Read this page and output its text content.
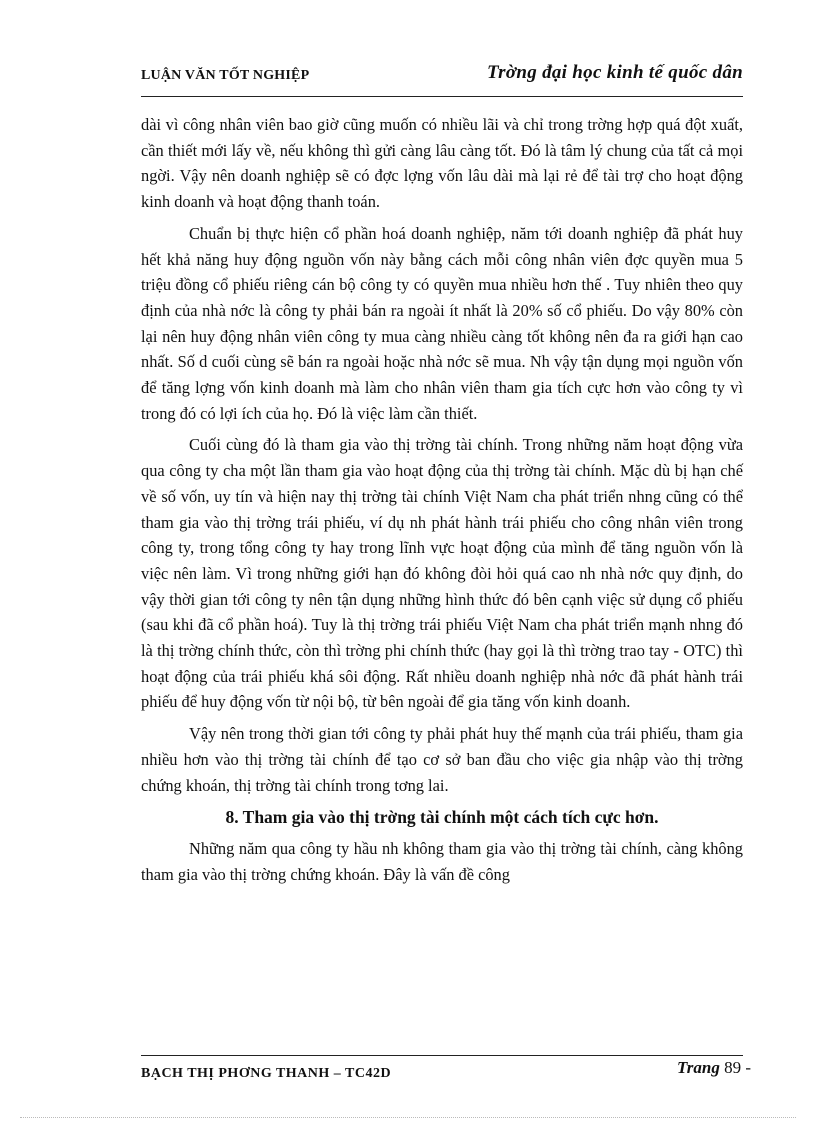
LUẬN VĂN TỐT NGHIỆP	Trờng đại học kinh tế quốc dân

dài vì công nhân viên bao giờ cũng muốn có nhiều lãi và chỉ trong trờng hợp quá đột xuất, cần thiết mới lấy về, nếu không thì gửi càng lâu càng tốt. Đó là tâm lý chung của tất cả mọi ngời. Vậy nên doanh nghiệp sẽ có đợc lợng vốn lâu dài mà lại rẻ để tài trợ cho hoạt động kinh doanh và hoạt động thanh toán.

Chuẩn bị thực hiện cổ phần hoá doanh nghiệp, năm tới doanh nghiệp đã phát huy hết khả năng huy động nguồn vốn này bằng cách mỗi công nhân viên đợc quyền mua 5 triệu đồng cổ phiếu riêng cán bộ công ty có quyền mua nhiều hơn thế . Tuy nhiên theo quy định của nhà nớc là công ty phải bán ra ngoài ít nhất là 20% số cổ phiếu. Do vậy 80% còn lại nên huy động nhân viên công ty mua càng nhiều càng tốt không nên đa ra giới hạn cao nhất. Số d cuối cùng sẽ bán ra ngoài hoặc nhà nớc sẽ mua. Nh vậy tận dụng mọi nguồn vốn để tăng lợng vốn kinh doanh mà làm cho nhân viên tham gia tích cực hơn vào công ty vì trong đó có lợi ích của họ. Đó là việc làm cần thiết.

Cuối cùng đó là tham gia vào thị trờng tài chính. Trong những năm hoạt động vừa qua công ty cha một lần tham gia vào hoạt động của thị trờng tài chính. Mặc dù bị hạn chế về số vốn, uy tín và hiện nay thị trờng tài chính Việt Nam cha phát triển nhng cũng có thể tham gia vào thị trờng trái phiếu, ví dụ nh phát hành trái phiếu cho công nhân viên trong công ty, trong tổng công ty hay trong lĩnh vực hoạt động của mình để tăng nguồn vốn là việc nên làm. Vì trong những giới hạn đó không đòi hỏi quá cao nh nhà nớc quy định, do vậy thời gian tới công ty nên tận dụng những hình thức đó bên cạnh việc sử dụng cổ phiếu (sau khi đã cổ phần hoá). Tuy là thị trờng trái phiếu Việt Nam cha phát triển mạnh nhng đó là thị trờng chính thức, còn thì trờng phi chính thức (hay gọi là thì trờng trao tay - OTC) thì hoạt động của trái phiếu khá sôi động. Rất nhiều doanh nghiệp nhà nớc đã phát hành trái phiếu để huy động vốn từ nội bộ, từ bên ngoài để gia tăng vốn kinh doanh.

Vậy nên trong thời gian tới công ty phải phát huy thế mạnh của trái phiếu, tham gia nhiều hơn vào thị trờng tài chính để tạo cơ sở ban đầu cho việc gia nhập vào thị trờng chứng khoán, thị trờng tài chính trong tơng lai.

8. Tham gia vào thị trờng tài chính một cách tích cực hơn.

Những năm qua công ty hầu nh không tham gia vào thị trờng tài chính, càng không tham gia vào thị trờng chứng khoán. Đây là vấn đề công

BẠCH THỊ PHƠNG THANH – TC42D	Trang 89 -
